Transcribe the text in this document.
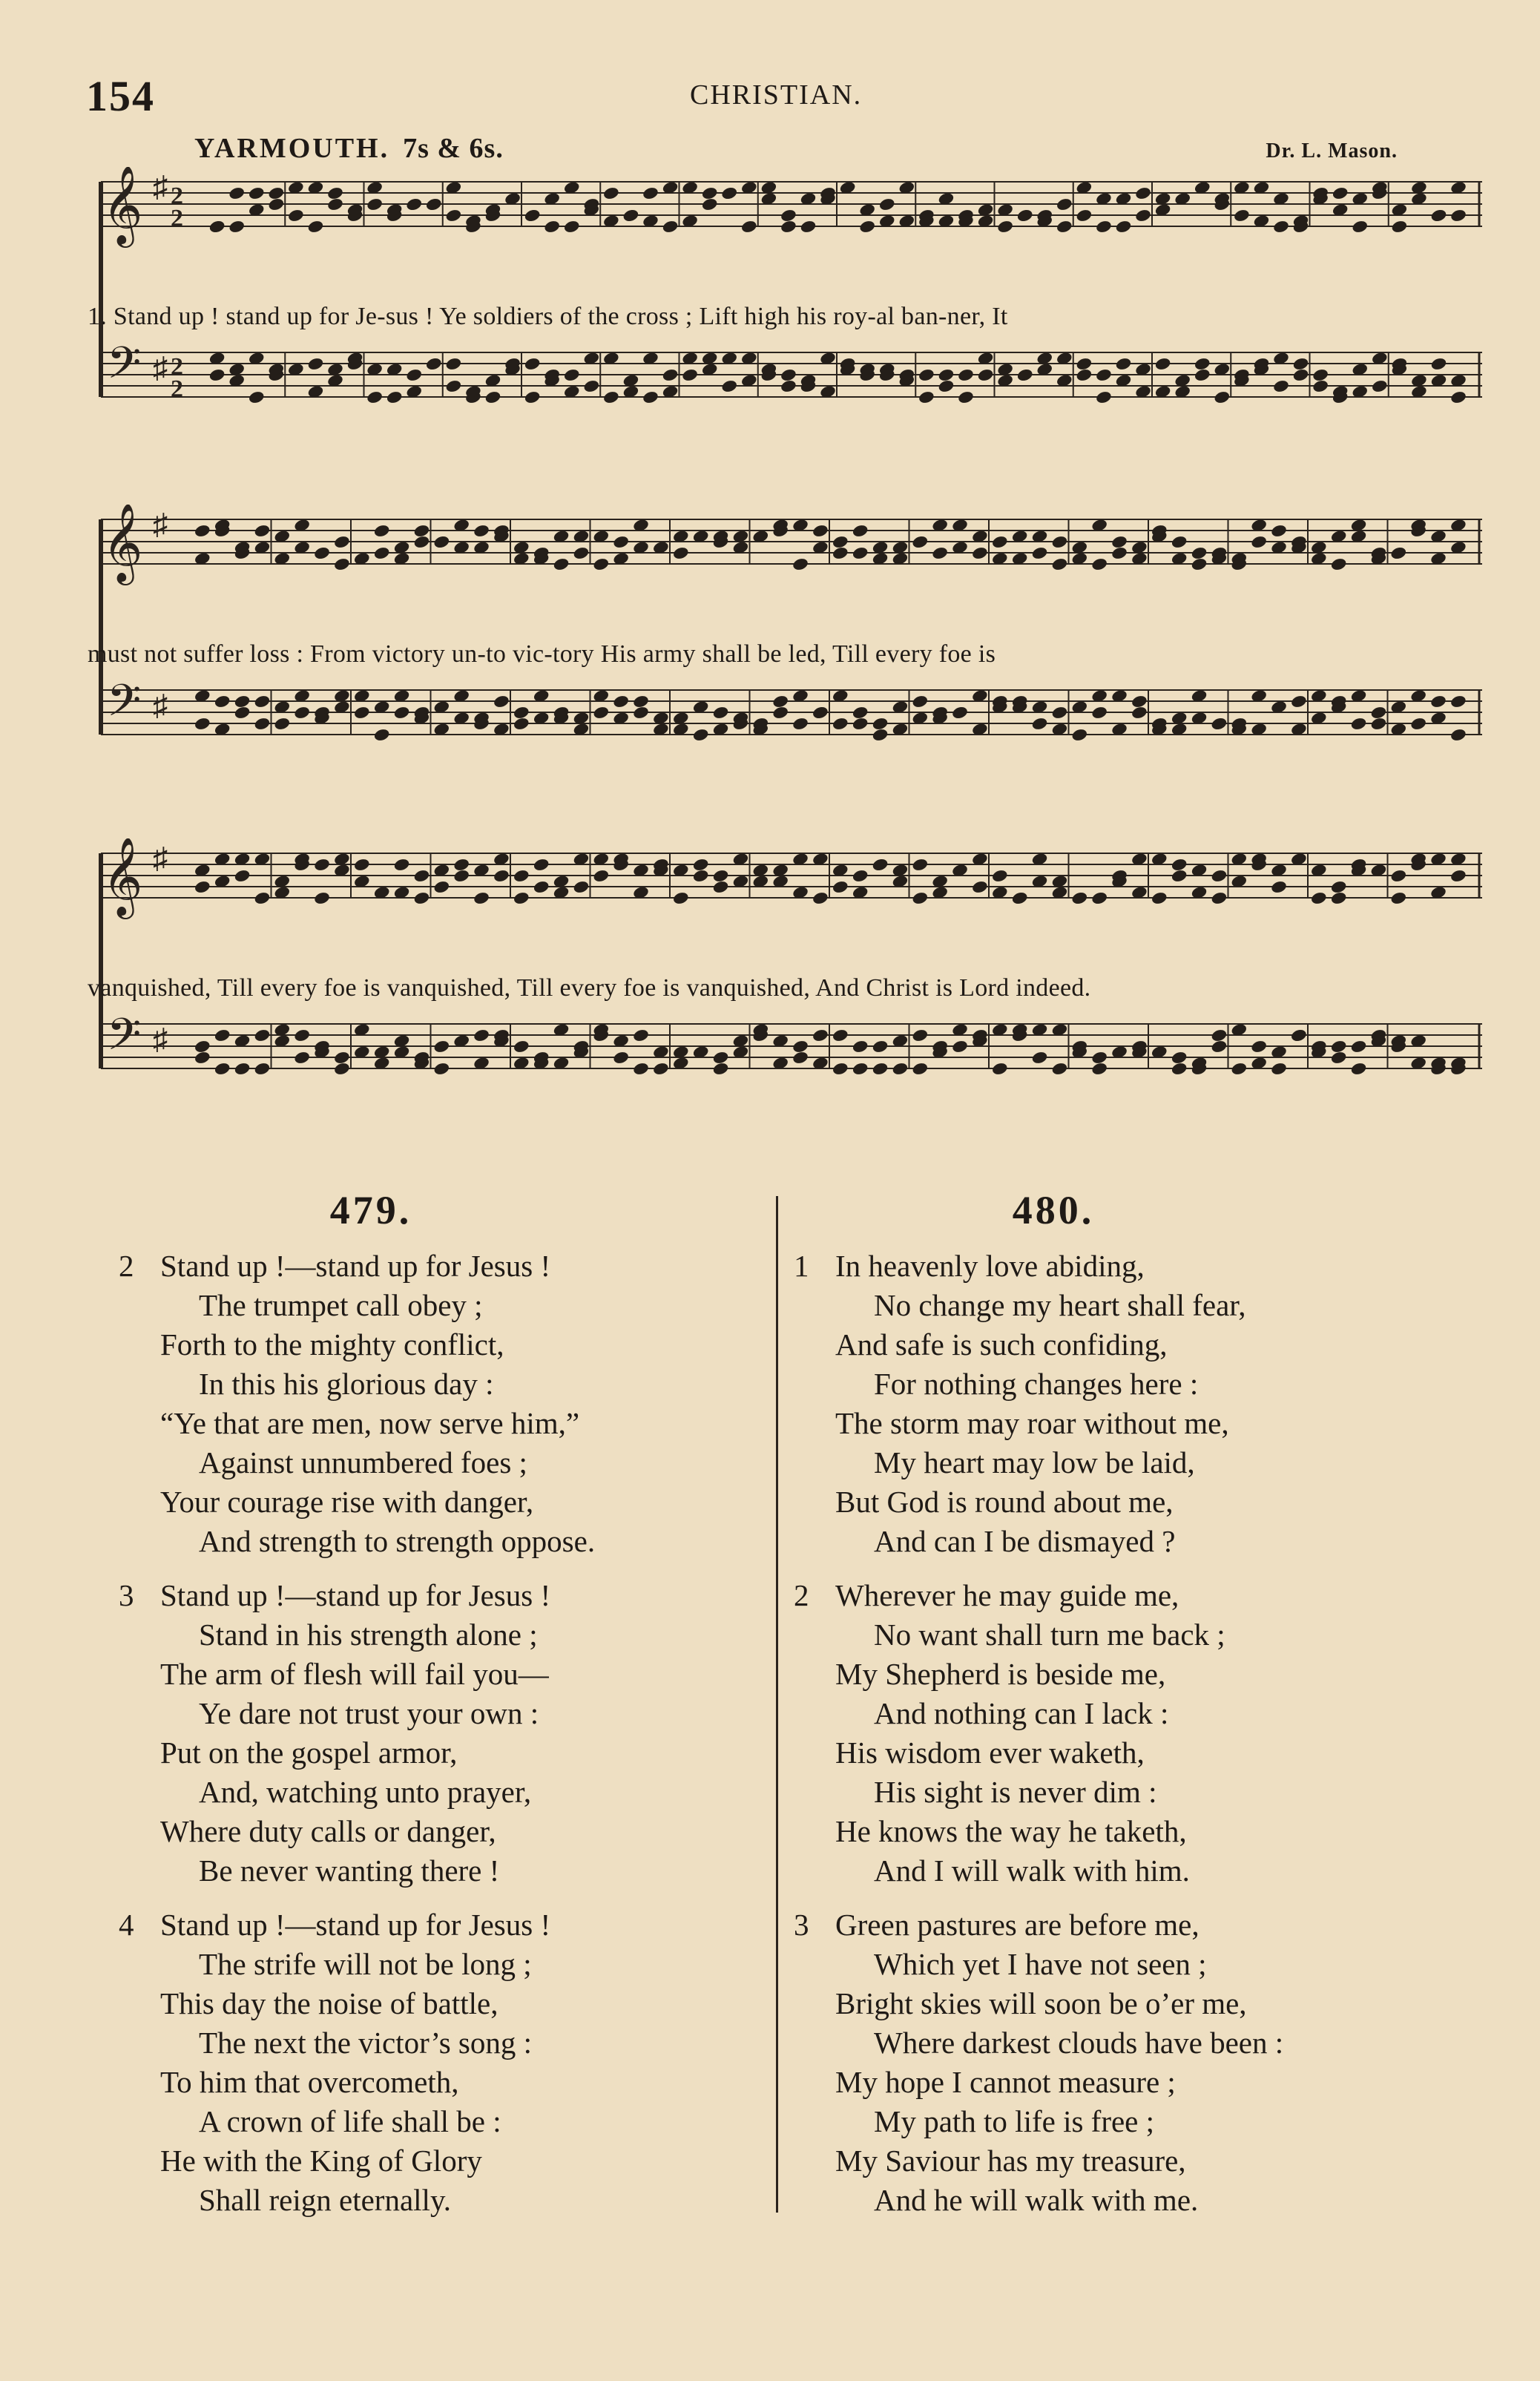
154	CHRISTIAN.
YARMOUTH. 7s & 6s.	Dr. L. Mason.
𝄞
𝄢
♯
♯
2
2
2
2
1. Stand up ! stand up for Je-sus ! Ye soldiers of the cross ; Lift high his roy-al ban-ner, It
𝄞
𝄢
♯
♯
must not suffer loss : From victory un-to vic-tory His army shall be led, Till every foe is
𝄞
𝄢
♯
♯
vanquished, Till every foe is vanquished, Till every foe is vanquished, And Christ is Lord indeed.
479.
2 Stand up !—stand up for Jesus !
The trumpet call obey ;
Forth to the mighty conflict,
In this his glorious day :
“Ye that are men, now serve him,”
Against unnumbered foes ;
Your courage rise with danger,
And strength to strength oppose.
3 Stand up !—stand up for Jesus !
Stand in his strength alone ;
The arm of flesh will fail you—
Ye dare not trust your own :
Put on the gospel armor,
And, watching unto prayer,
Where duty calls or danger,
Be never wanting there !
4 Stand up !—stand up for Jesus !
The strife will not be long ;
This day the noise of battle,
The next the victor’s song :
To him that overcometh,
A crown of life shall be :
He with the King of Glory
Shall reign eternally.
480.
1 In heavenly love abiding,
No change my heart shall fear,
And safe is such confiding,
For nothing changes here :
The storm may roar without me,
My heart may low be laid,
But God is round about me,
And can I be dismayed ?
2 Wherever he may guide me,
No want shall turn me back ;
My Shepherd is beside me,
And nothing can I lack :
His wisdom ever waketh,
His sight is never dim :
He knows the way he taketh,
And I will walk with him.
3 Green pastures are before me,
Which yet I have not seen ;
Bright skies will soon be o’er me,
Where darkest clouds have been :
My hope I cannot measure ;
My path to life is free ;
My Saviour has my treasure,
And he will walk with me.
